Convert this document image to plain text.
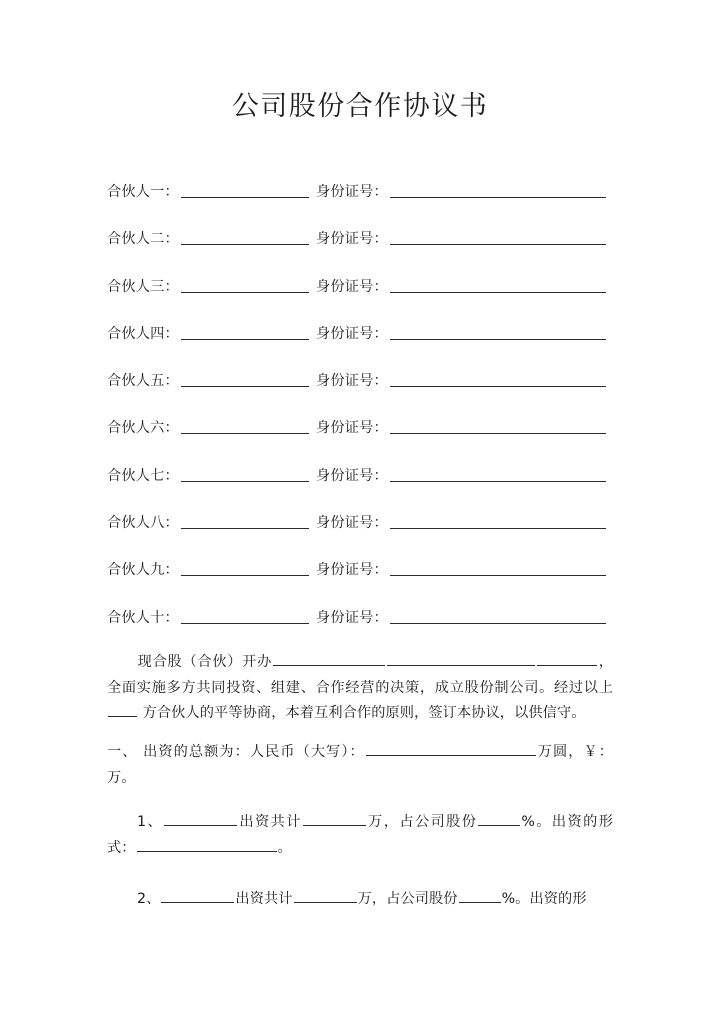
公司股份合作协议书
合伙人一：	身份证号：
合伙人二：	身份证号：
合伙人三：	身份证号：
合伙人四：	身份证号：
合伙人五：	身份证号：
合伙人六：	身份证号：
合伙人七：	身份证号：
合伙人八：	身份证号：
合伙人九：	身份证号：
合伙人十：	身份证号：
现合股（合伙）开办	，全面实施多方共同投资、组建、合作经营的决策，成立股份制公司。经过以上 方合伙人的平等协商，本着互利合作的原则，签订本协议，以供信守。
一、 出资的总额为：人民币（大写）：	万圆，￥：万。
1、	出资共计	万，占公司股份	%。出资的形式：	。
2、	出资共计	万，占公司股份	%。出资的形
